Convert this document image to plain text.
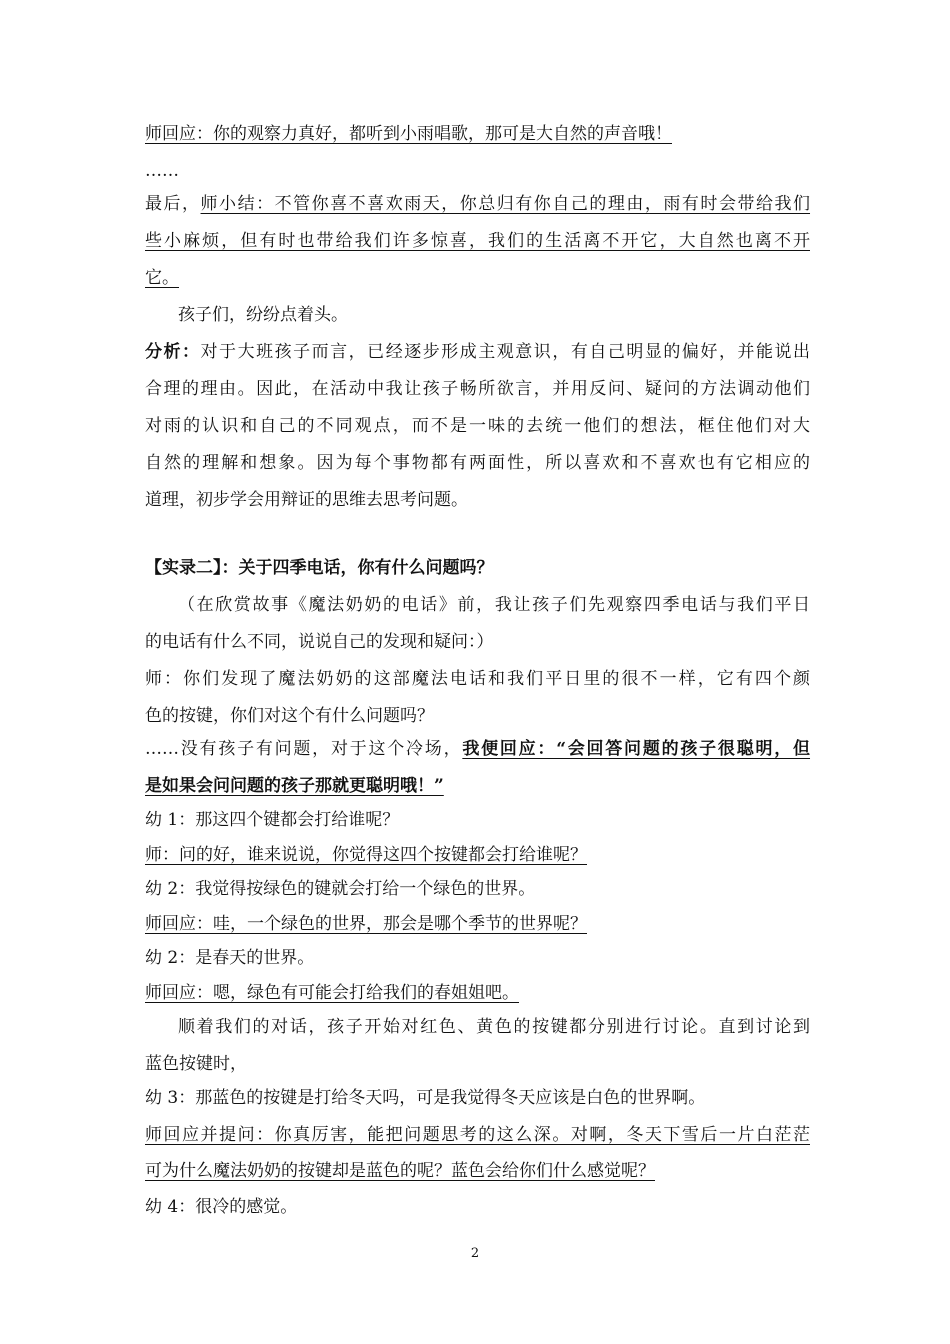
师回应：你的观察力真好，都听到小雨唱歌，那可是大自然的声音哦！
……
最后，师小结：不管你喜不喜欢雨天，你总归有你自己的理由，雨有时会带给我们
些小麻烦，但有时也带给我们许多惊喜，我们的生活离不开它，大自然也离不开
它。
孩子们，纷纷点着头。
分析：对于大班孩子而言，已经逐步形成主观意识，有自己明显的偏好，并能说出
合理的理由。因此，在活动中我让孩子畅所欲言，并用反问、疑问的方法调动他们
对雨的认识和自己的不同观点，而不是一味的去统一他们的想法，框住他们对大
自然的理解和想象。因为每个事物都有两面性，所以喜欢和不喜欢也有它相应的
道理，初步学会用辩证的思维去思考问题。
【实录二】：关于四季电话，你有什么问题吗？
（在欣赏故事《魔法奶奶的电话》前，我让孩子们先观察四季电话与我们平日
的电话有什么不同，说说自己的发现和疑问：）
师：你们发现了魔法奶奶的这部魔法电话和我们平日里的很不一样，它有四个颜
色的按键，你们对这个有什么问题吗？
……没有孩子有问题，对于这个冷场，我便回应：“会回答问题的孩子很聪明，但
是如果会问问题的孩子那就更聪明哦！”
幼 1：那这四个键都会打给谁呢？
师：问的好，谁来说说，你觉得这四个按键都会打给谁呢？
幼 2：我觉得按绿色的键就会打给一个绿色的世界。
师回应：哇，一个绿色的世界，那会是哪个季节的世界呢？
幼 2：是春天的世界。
师回应：嗯，绿色有可能会打给我们的春姐姐吧。
顺着我们的对话，孩子开始对红色、黄色的按键都分别进行讨论。直到讨论到
蓝色按键时，
幼 3：那蓝色的按键是打给冬天吗，可是我觉得冬天应该是白色的世界啊。
师回应并提问：你真厉害，能把问题思考的这么深。对啊，冬天下雪后一片白茫茫
可为什么魔法奶奶的按键却是蓝色的呢？蓝色会给你们什么感觉呢？
幼 4：很冷的感觉。
2
